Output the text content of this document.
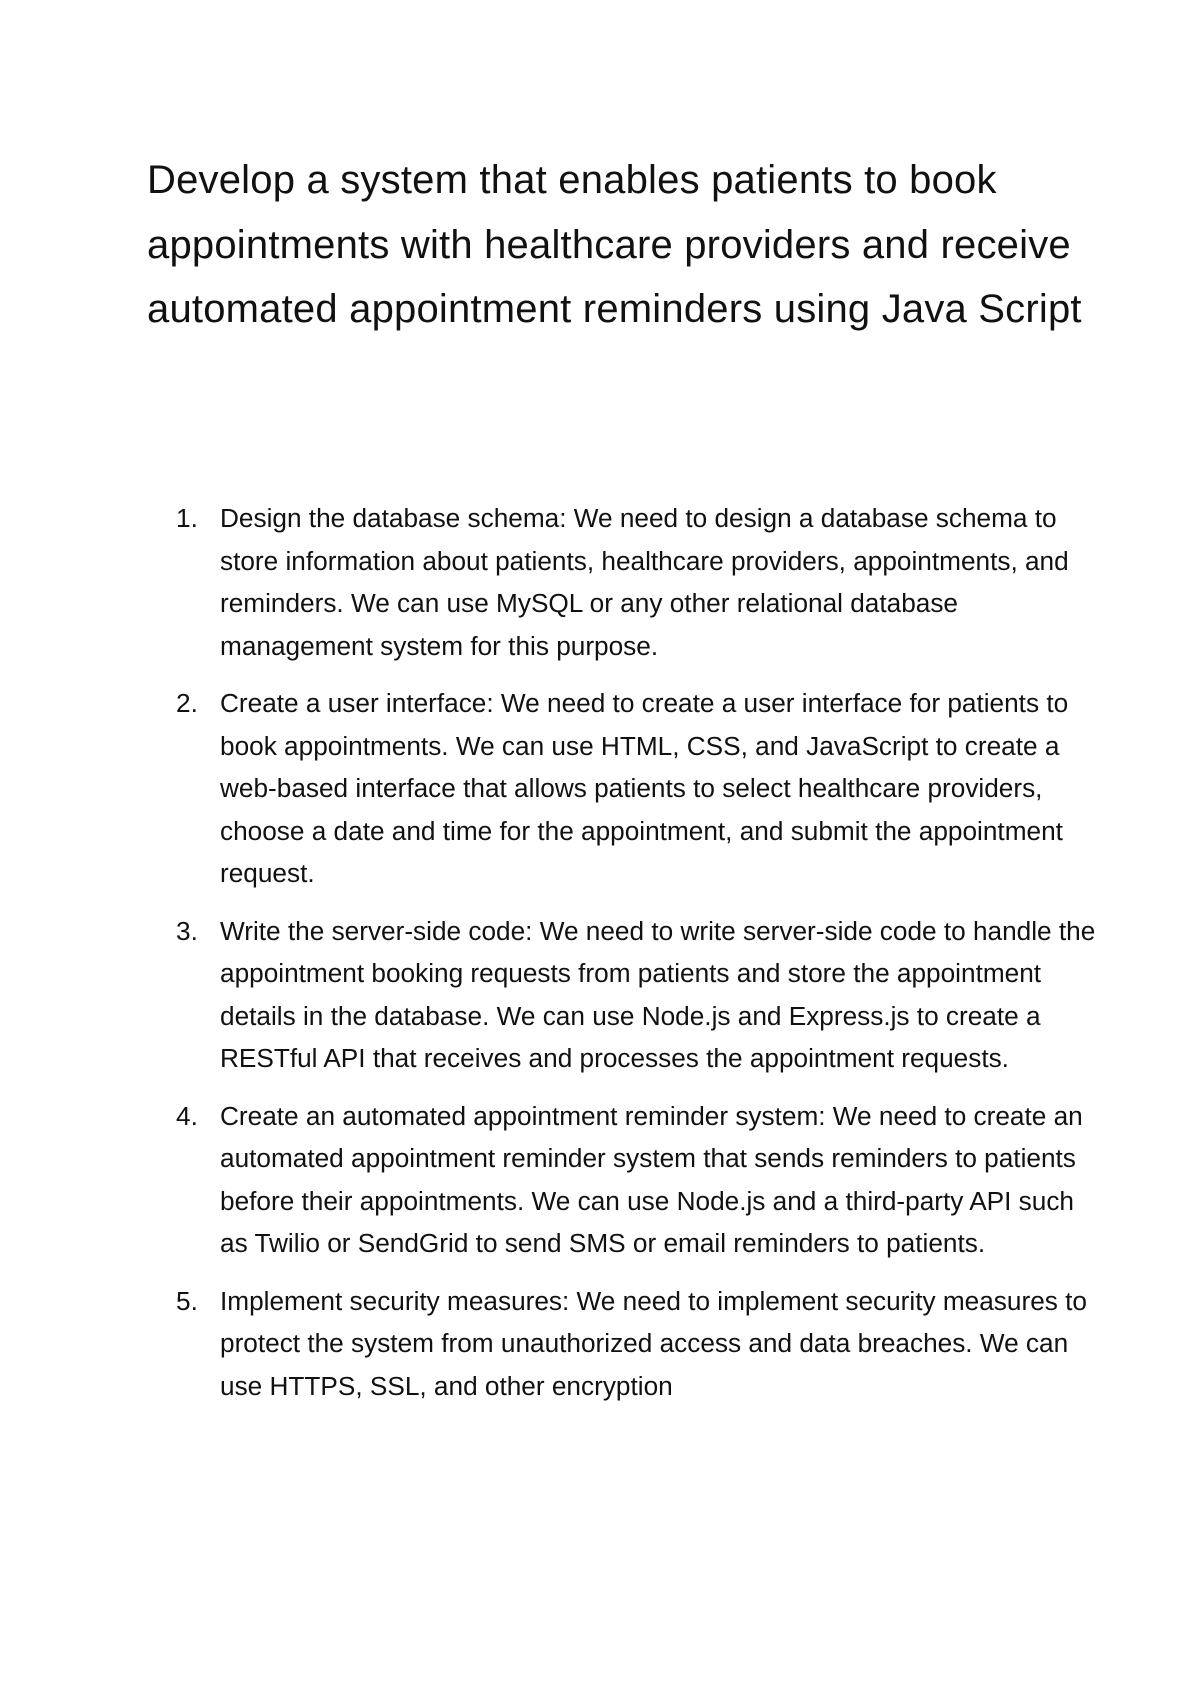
Develop a system that enables patients to book appointments with healthcare providers and receive automated appointment reminders using Java Script
1. Design the database schema: We need to design a database schema to store information about patients, healthcare providers, appointments, and reminders. We can use MySQL or any other relational database management system for this purpose.
2. Create a user interface: We need to create a user interface for patients to book appointments. We can use HTML, CSS, and JavaScript to create a web-based interface that allows patients to select healthcare providers, choose a date and time for the appointment, and submit the appointment request.
3. Write the server-side code: We need to write server-side code to handle the appointment booking requests from patients and store the appointment details in the database. We can use Node.js and Express.js to create a RESTful API that receives and processes the appointment requests.
4. Create an automated appointment reminder system: We need to create an automated appointment reminder system that sends reminders to patients before their appointments. We can use Node.js and a third-party API such as Twilio or SendGrid to send SMS or email reminders to patients.
5. Implement security measures: We need to implement security measures to protect the system from unauthorized access and data breaches. We can use HTTPS, SSL, and other encryption
